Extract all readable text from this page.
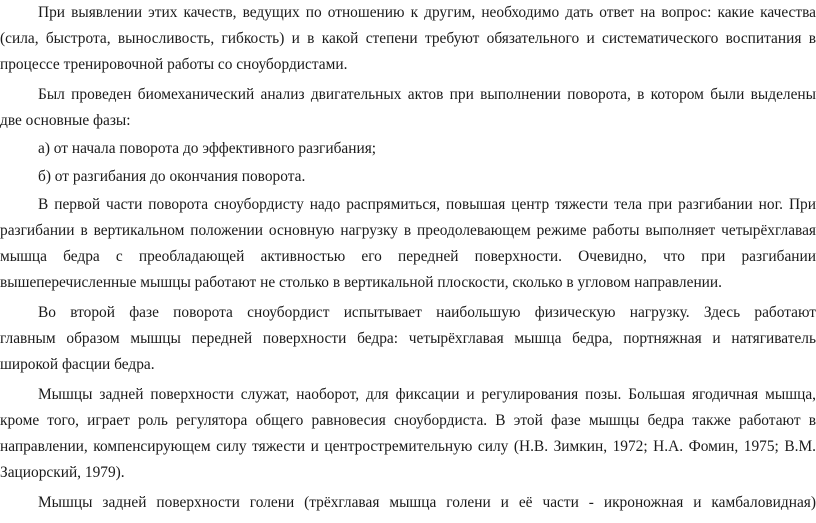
При выявлении этих качеств, ведущих по отношению к другим, необходимо дать ответ на вопрос: какие качества
(сила, быстрота, выносливость, гибкость) и в какой степени требуют обязательного и систематического воспитания в
процессе тренировочной работы со сноубордистами.
Был проведен биомеханический анализ двигательных актов при выполнении поворота, в котором были выделены
две основные фазы:
а) от начала поворота до эффективного разгибания;
б) от разгибания до окончания поворота.
В первой части поворота сноубордисту надо распрямиться, повышая центр тяжести тела при разгибании ног. При
разгибании в вертикальном положении основную нагрузку в преодолевающем режиме работы выполняет четырёхглавая
мышца бедра с преобладающей активностью его передней поверхности. Очевидно, что при разгибании
вышеперечисленные мышцы работают не столько в вертикальной плоскости, сколько в угловом направлении.
Во второй фазе поворота сноубордист испытывает наибольшую физическую нагрузку. Здесь работают
главным образом мышцы передней поверхности бедра: четырёхглавая мышца бедра, портняжная и натягиватель
широкой фасции бедра.
Мышцы задней поверхности служат, наоборот, для фиксации и регулирования позы. Большая ягодичная мышца,
кроме того, играет роль регулятора общего равновесия сноубордиста. В этой фазе мышцы бедра также работают в
направлении, компенсирующем силу тяжести и центростремительную силу (Н.В. Зимкин, 1972; Н.А. Фомин, 1975; В.М.
Зациорский, 1979).
Мышцы задней поверхности голени (трёхглавая мышца голени и её части - икроножная и камбаловидная)
